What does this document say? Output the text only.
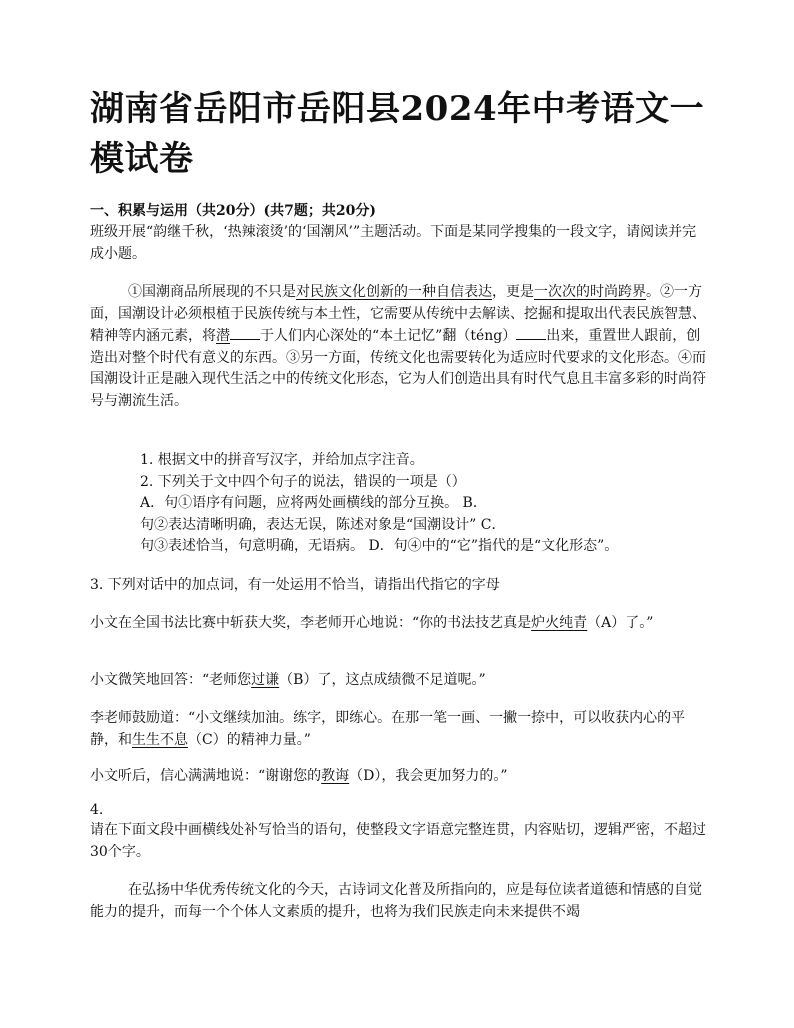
湖南省岳阳市岳阳县2024年中考语文一模试卷

一、积累与运用（共20分）(共7题；共20分)

班级开展“韵继千秋，‘热辣滚烫’的‘国潮风’”主题活动。下面是某同学搜集的一段文字，请阅读并完成小题。

①国潮商品所展现的不只是对民族文化创新的一种自信表达，更是一次次的时尚跨界。②一方面，国潮设计必须根植于民族传统与本土性，它需要从传统中去解读、挖掘和提取出代表民族智慧、精神等内涵元素，将潜 于人们内心深处的“本土记忆”翻（téng） 出来，重置世人跟前，创造出对整个时代有意义的东西。③另一方面，传统文化也需要转化为适应时代要求的文化形态。④而国潮设计正是融入现代生活之中的传统文化形态，它为人们创造出具有时代气息且丰富多彩的时尚符号与潮流生活。

1. 根据文中的拼音写汉字，并给加点字注音。
2. 下列关于文中四个句子的说法，错误的一项是（）
A．句①语序有问题，应将两处画横线的部分互换。 B．
句②表达清晰明确，表达无误，陈述对象是“国潮设计” C．
句③表述恰当，句意明确，无语病。 D．句④中的“它”指代的是“文化形态”。

3. 下列对话中的加点词，有一处运用不恰当，请指出代指它的字母

小文在全国书法比赛中斩获大奖，李老师开心地说：“你的书法技艺真是炉火纯青（A）了。”

小文微笑地回答：“老师您过谦（B）了，这点成绩微不足道呢。”

李老师鼓励道：“小文继续加油。练字，即练心。在那一笔一画、一撇一捺中，可以收获内心的平静，和生生不息（C）的精神力量。”

小文听后，信心满满地说：“谢谢您的教诲（D），我会更加努力的。”

4.

请在下面文段中画横线处补写恰当的语句，使整段文字语意完整连贯，内容贴切，逻辑严密，不超过30个字。

在弘扬中华优秀传统文化的今天，古诗词文化普及所指向的，应是每位读者道德和情感的自觉能力的提升，而每一个个体人文素质的提升，也将为我们民族走向未来提供不竭
